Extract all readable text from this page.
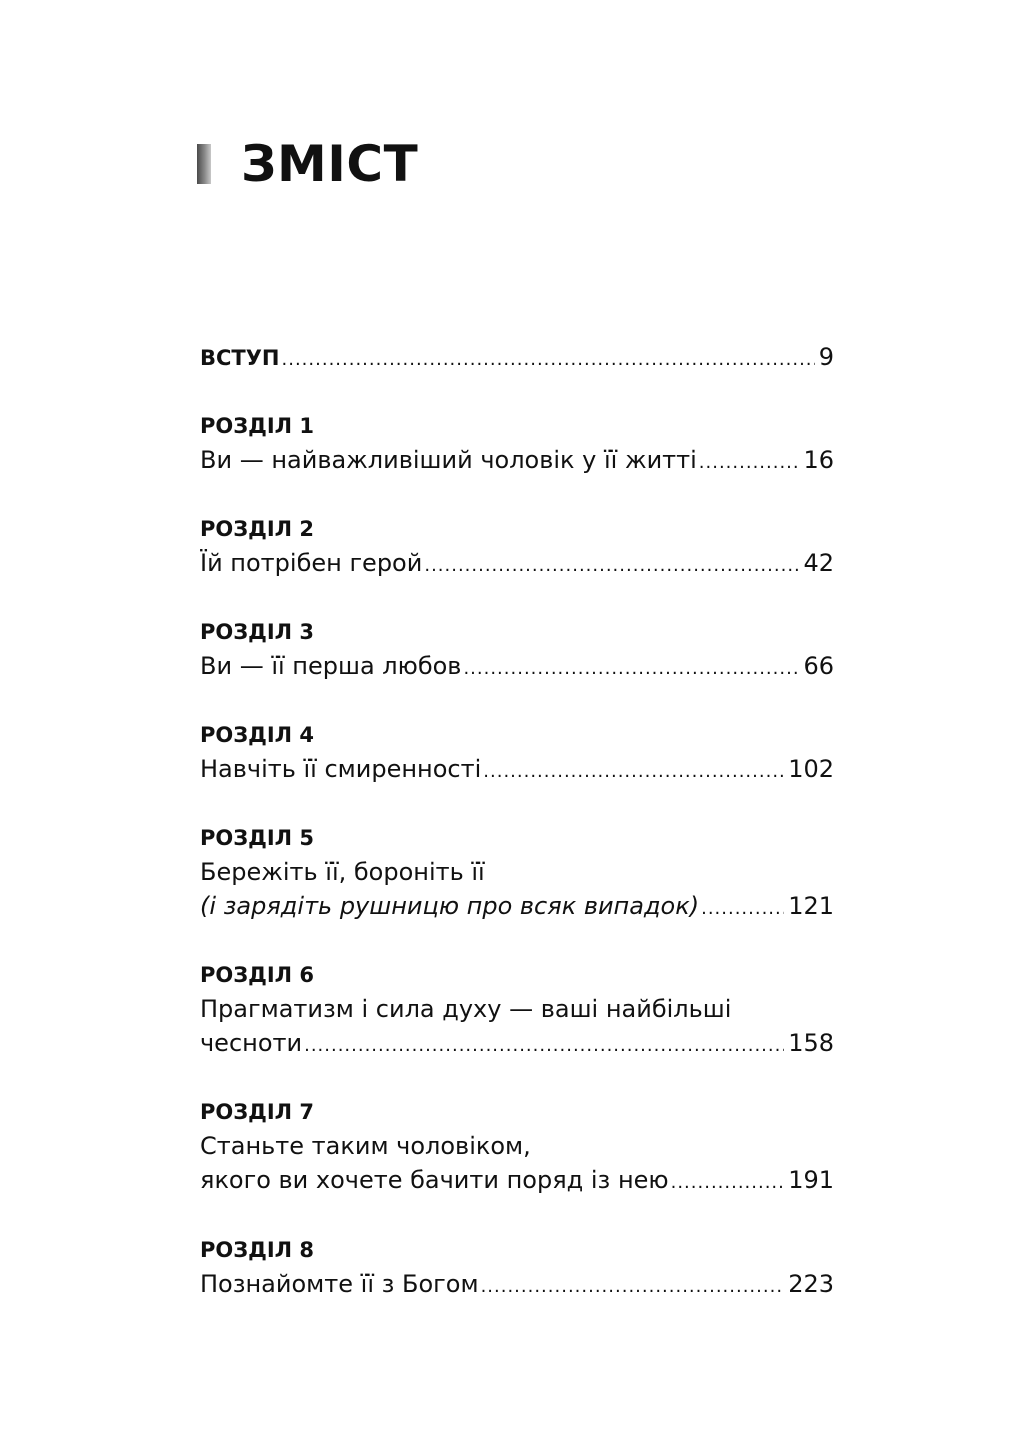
ЗМІСТ
ВСТУП .....	9
РОЗДІЛ 1
Ви — найважливіший чоловік у її житті .....	16
РОЗДІЛ 2
Їй потрібен герой .....	42
РОЗДІЛ 3
Ви — її перша любов .....	66
РОЗДІЛ 4
Навчіть її смиренності .....	102
РОЗДІЛ 5
Бережіть її, бороніть її
(і зарядіть рушницю про всяк випадок) .....	121
РОЗДІЛ 6
Прагматизм і сила духу — ваші найбільші
чесноти .....	158
РОЗДІЛ 7
Станьте таким чоловіком,
якого ви хочете бачити поряд із нею .....	191
РОЗДІЛ 8
Познайомте її з Богом .....	223
